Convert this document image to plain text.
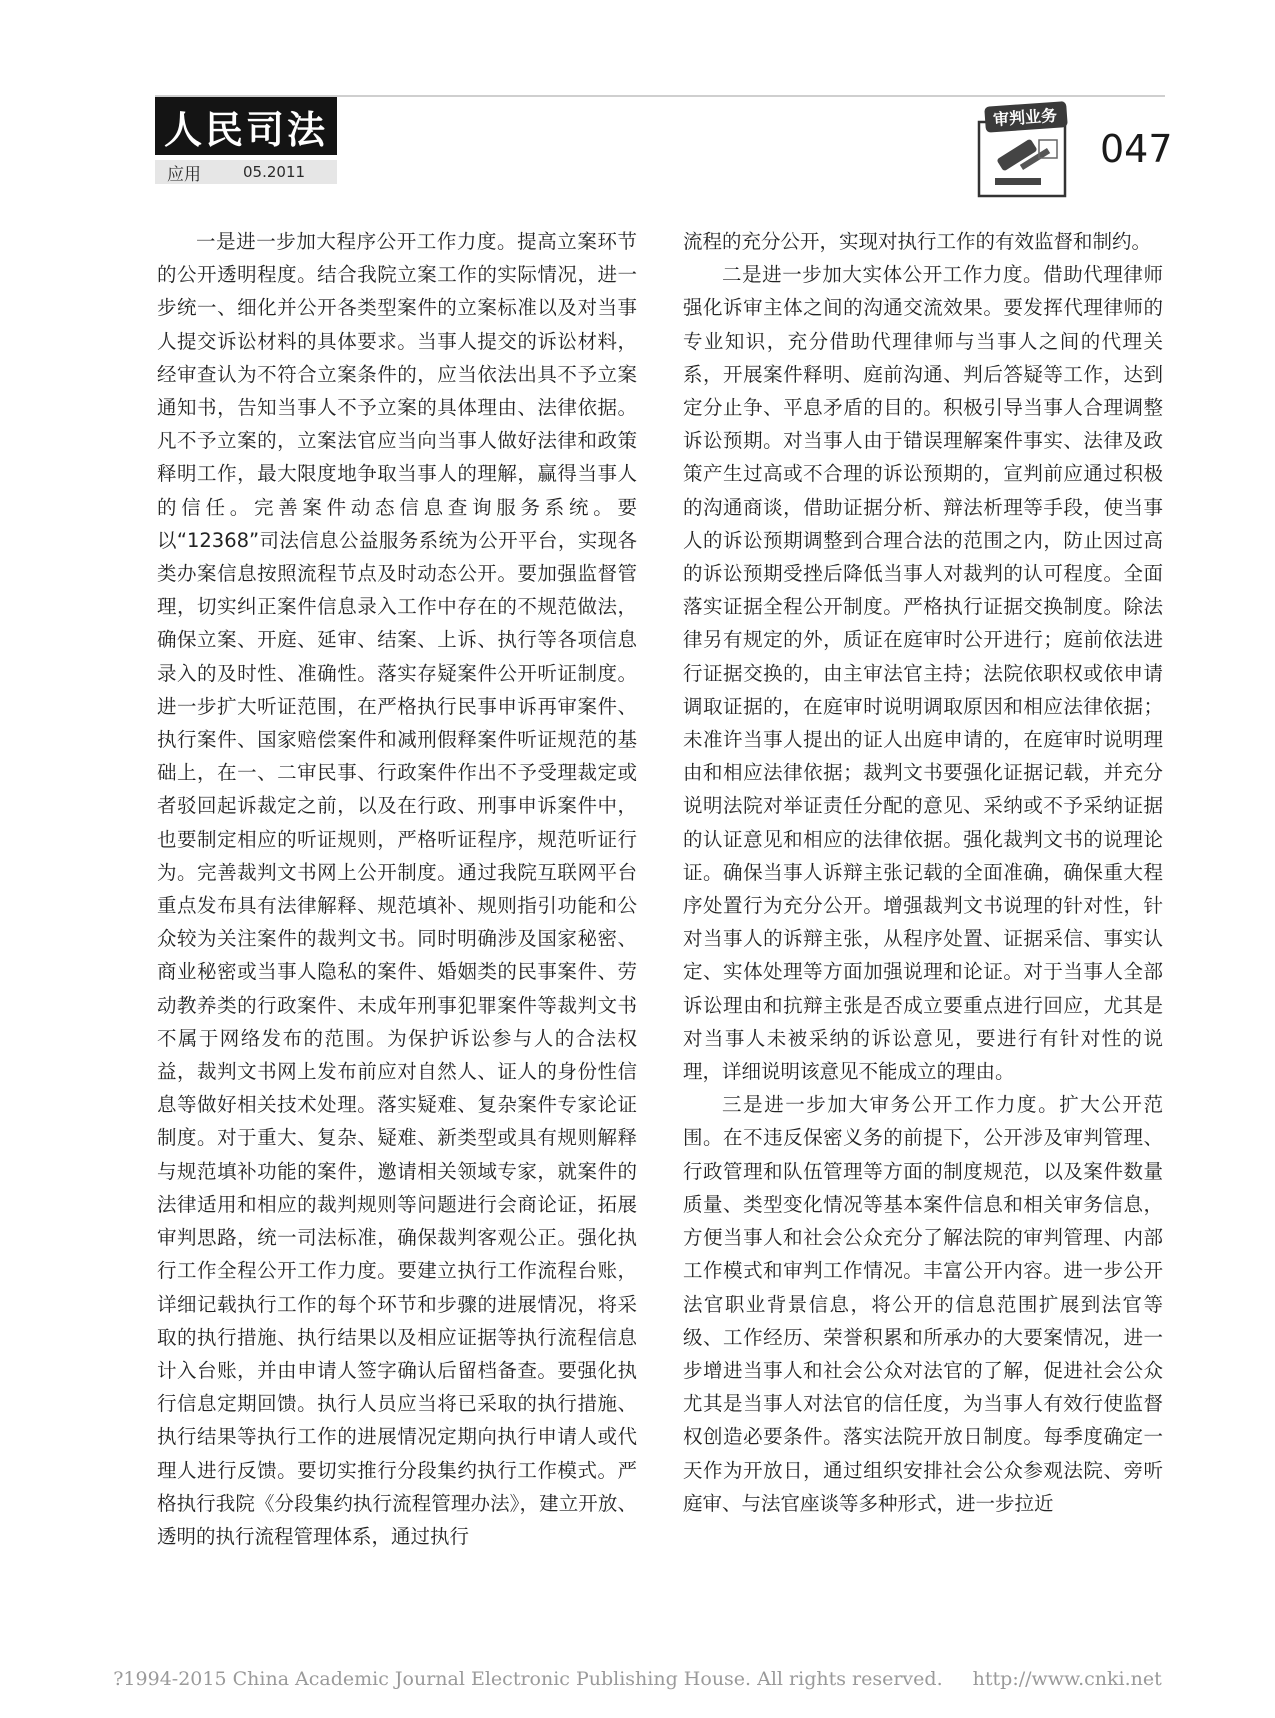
人民司法
应用	05.2011
审判业务
047

一是进一步加大程序公开工作力度。提高立案环节的公开透明程度。结合我院立案工作的实际情况，进一步统一、细化并公开各类型案件的立案标准以及对当事人提交诉讼材料的具体要求。当事人提交的诉讼材料，经审查认为不符合立案条件的，应当依法出具不予立案通知书，告知当事人不予立案的具体理由、法律依据。凡不予立案的，立案法官应当向当事人做好法律和政策释明工作，最大限度地争取当事人的理解，赢得当事人的信任。完善案件动态信息查询服务系统。要以“12368”司法信息公益服务系统为公开平台，实现各类办案信息按照流程节点及时动态公开。要加强监督管理，切实纠正案件信息录入工作中存在的不规范做法，确保立案、开庭、延审、结案、上诉、执行等各项信息录入的及时性、准确性。落实存疑案件公开听证制度。进一步扩大听证范围，在严格执行民事申诉再审案件、执行案件、国家赔偿案件和减刑假释案件听证规范的基础上，在一、二审民事、行政案件作出不予受理裁定或者驳回起诉裁定之前，以及在行政、刑事申诉案件中，也要制定相应的听证规则，严格听证程序，规范听证行为。完善裁判文书网上公开制度。通过我院互联网平台重点发布具有法律解释、规范填补、规则指引功能和公众较为关注案件的裁判文书。同时明确涉及国家秘密、商业秘密或当事人隐私的案件、婚姻类的民事案件、劳动教养类的行政案件、未成年刑事犯罪案件等裁判文书不属于网络发布的范围。为保护诉讼参与人的合法权益，裁判文书网上发布前应对自然人、证人的身份性信息等做好相关技术处理。落实疑难、复杂案件专家论证制度。对于重大、复杂、疑难、新类型或具有规则解释与规范填补功能的案件，邀请相关领域专家，就案件的法律适用和相应的裁判规则等问题进行会商论证，拓展审判思路，统一司法标准，确保裁判客观公正。强化执行工作全程公开工作力度。要建立执行工作流程台账，详细记载执行工作的每个环节和步骤的进展情况，将采取的执行措施、执行结果以及相应证据等执行流程信息计入台账，并由申请人签字确认后留档备查。要强化执行信息定期回馈。执行人员应当将已采取的执行措施、执行结果等执行工作的进展情况定期向执行申请人或代理人进行反馈。要切实推行分段集约执行工作模式。严格执行我院《分段集约执行流程管理办法》，建立开放、透明的执行流程管理体系，通过执行

流程的充分公开，实现对执行工作的有效监督和制约。

二是进一步加大实体公开工作力度。借助代理律师强化诉审主体之间的沟通交流效果。要发挥代理律师的专业知识，充分借助代理律师与当事人之间的代理关系，开展案件释明、庭前沟通、判后答疑等工作，达到定分止争、平息矛盾的目的。积极引导当事人合理调整诉讼预期。对当事人由于错误理解案件事实、法律及政策产生过高或不合理的诉讼预期的，宣判前应通过积极的沟通商谈，借助证据分析、辩法析理等手段，使当事人的诉讼预期调整到合理合法的范围之内，防止因过高的诉讼预期受挫后降低当事人对裁判的认可程度。全面落实证据全程公开制度。严格执行证据交换制度。除法律另有规定的外，质证在庭审时公开进行；庭前依法进行证据交换的，由主审法官主持；法院依职权或依申请调取证据的，在庭审时说明调取原因和相应法律依据；未准许当事人提出的证人出庭申请的，在庭审时说明理由和相应法律依据；裁判文书要强化证据记载，并充分说明法院对举证责任分配的意见、采纳或不予采纳证据的认证意见和相应的法律依据。强化裁判文书的说理论证。确保当事人诉辩主张记载的全面准确，确保重大程序处置行为充分公开。增强裁判文书说理的针对性，针对当事人的诉辩主张，从程序处置、证据采信、事实认定、实体处理等方面加强说理和论证。对于当事人全部诉讼理由和抗辩主张是否成立要重点进行回应，尤其是对当事人未被采纳的诉讼意见，要进行有针对性的说理，详细说明该意见不能成立的理由。

三是进一步加大审务公开工作力度。扩大公开范围。在不违反保密义务的前提下，公开涉及审判管理、行政管理和队伍管理等方面的制度规范，以及案件数量质量、类型变化情况等基本案件信息和相关审务信息，方便当事人和社会公众充分了解法院的审判管理、内部工作模式和审判工作情况。丰富公开内容。进一步公开法官职业背景信息，将公开的信息范围扩展到法官等级、工作经历、荣誉积累和所承办的大要案情况，进一步增进当事人和社会公众对法官的了解，促进社会公众尤其是当事人对法官的信任度，为当事人有效行使监督权创造必要条件。落实法院开放日制度。每季度确定一天作为开放日，通过组织安排社会公众参观法院、旁听庭审、与法官座谈等多种形式，进一步拉近

?1994-2015 China Academic Journal Electronic Publishing House. All rights reserved. http://www.cnki.net
